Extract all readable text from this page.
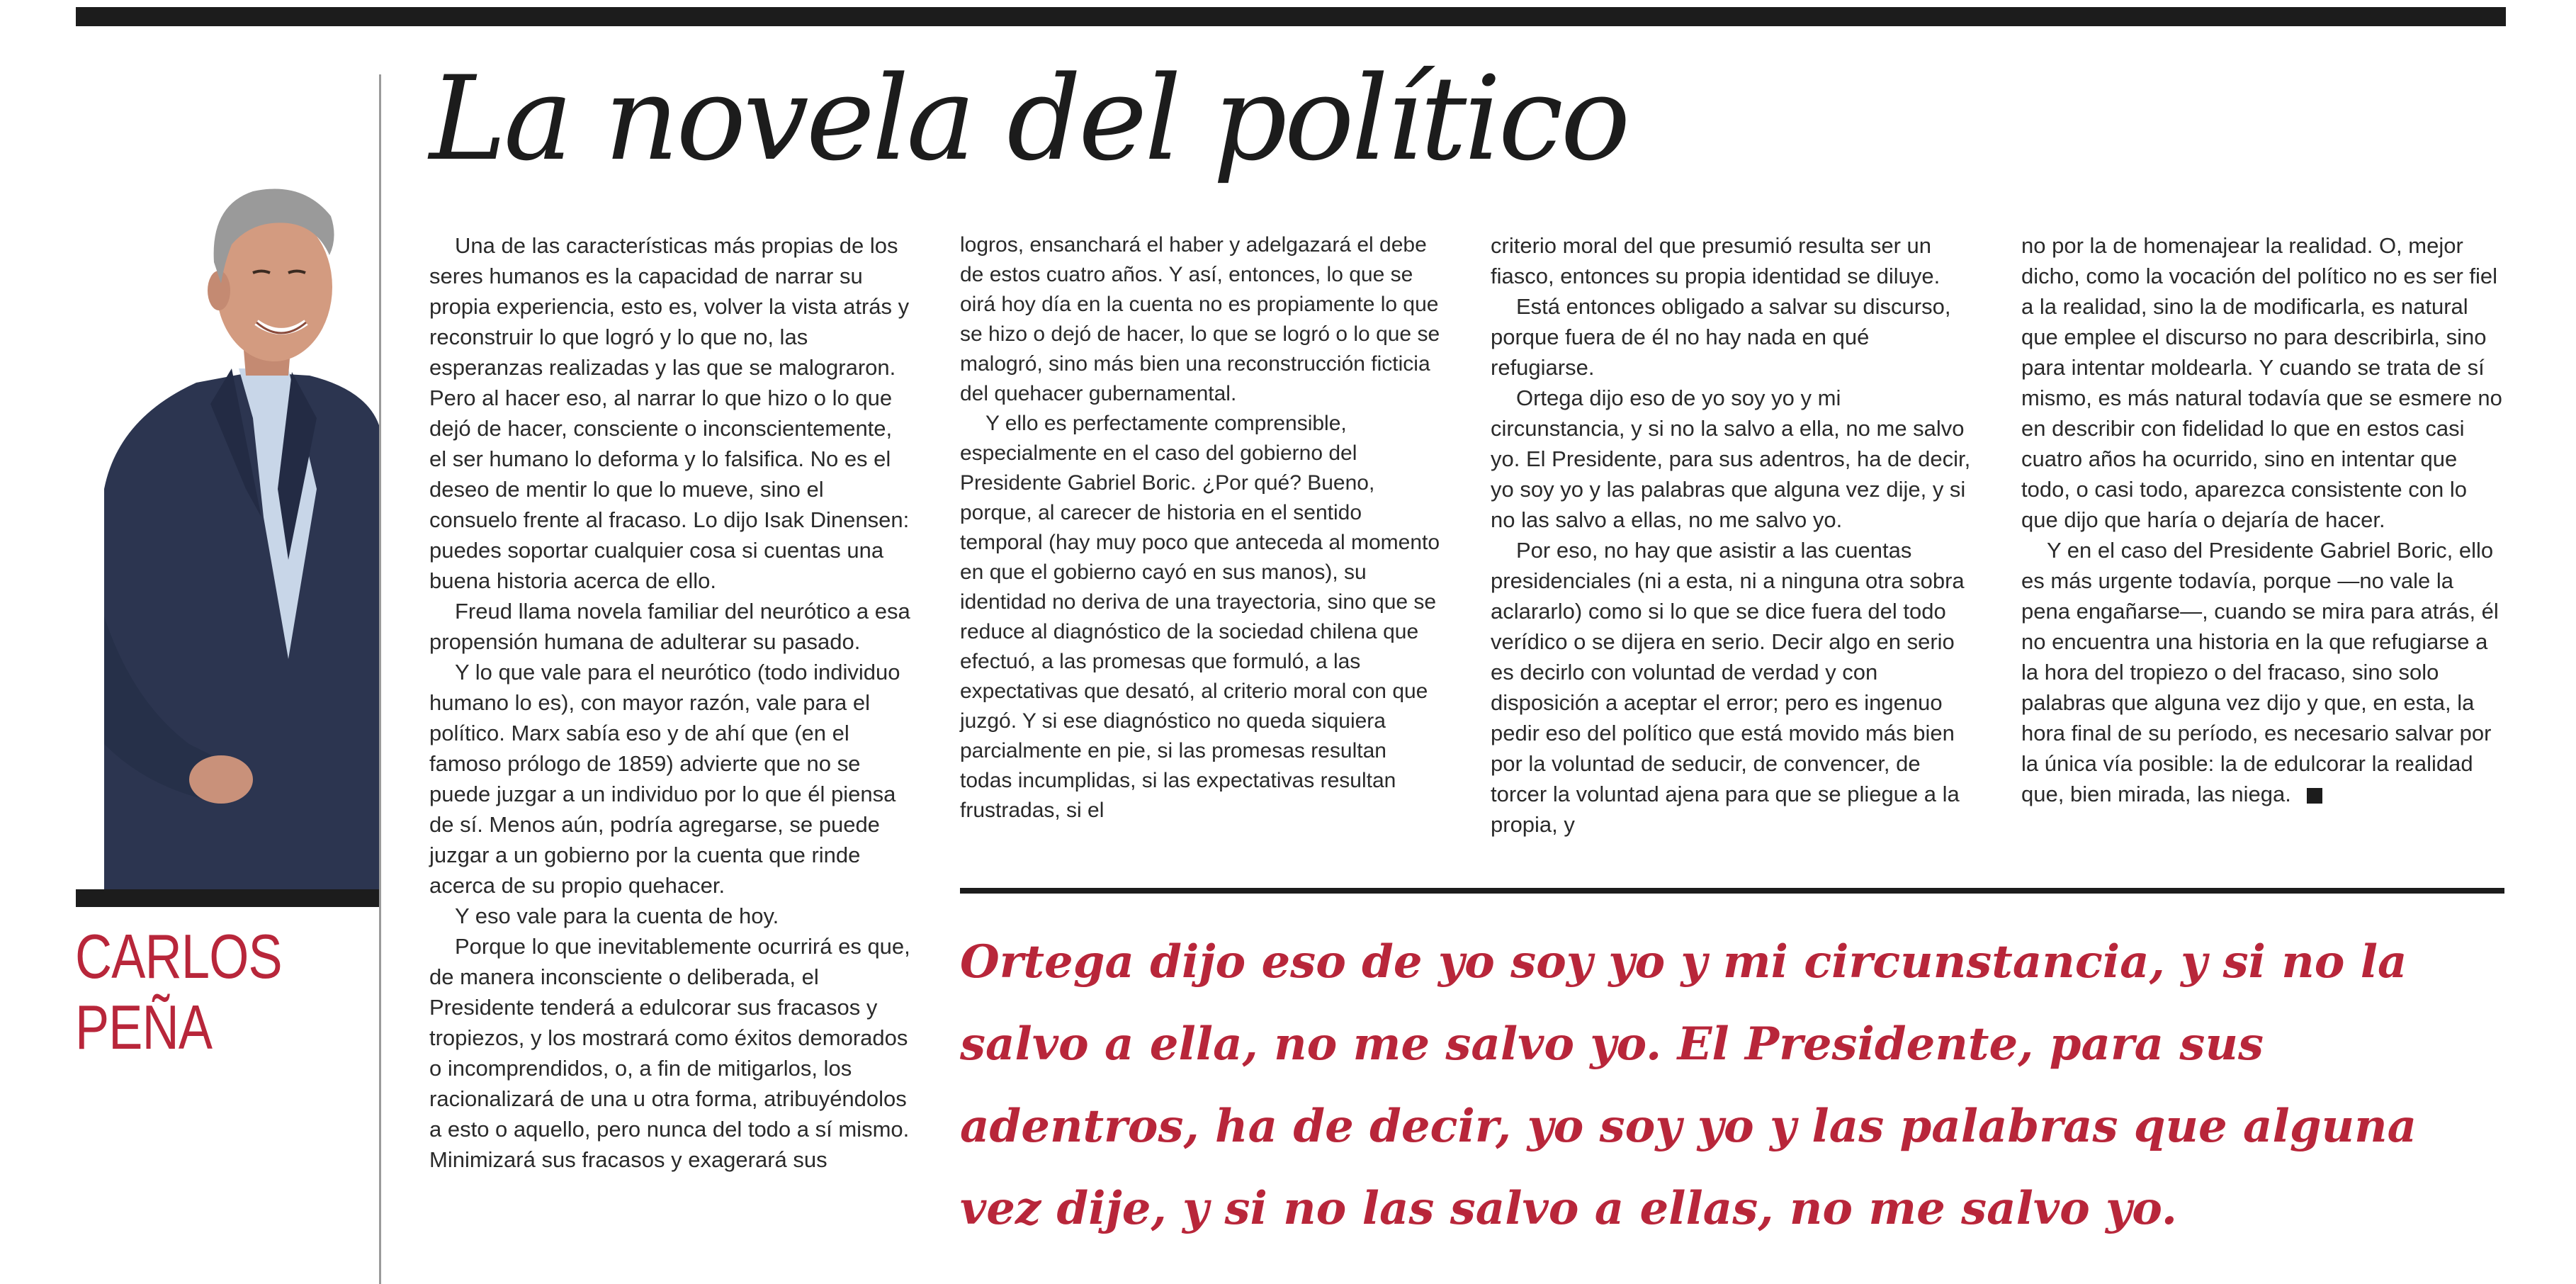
CARLOS
PEÑA
La novela del político

Una de las características más propias de los seres humanos es la capacidad de narrar su propia experiencia, esto es, volver la vista atrás y reconstruir lo que logró y lo que no, las esperanzas realizadas y las que se malograron. Pero al hacer eso, al narrar lo que hizo o lo que dejó de hacer, consciente o inconscientemente, el ser humano lo deforma y lo falsifica. No es el deseo de mentir lo que lo mueve, sino el consuelo frente al fracaso. Lo dijo Isak Dinensen: puedes soportar cualquier cosa si cuentas una buena historia acerca de ello.

Freud llama novela familiar del neurótico a esa propensión humana de adulterar su pasado.

Y lo que vale para el neurótico (todo individuo humano lo es), con mayor razón, vale para el político. Marx sabía eso y de ahí que (en el famoso prólogo de 1859) advierte que no se puede juzgar a un individuo por lo que él piensa de sí. Menos aún, podría agregarse, se puede juzgar a un gobierno por la cuenta que rinde acerca de su propio quehacer.

Y eso vale para la cuenta de hoy.

Porque lo que inevitablemente ocurrirá es que, de manera inconsciente o deliberada, el Presidente tenderá a edulcorar sus fracasos y tropiezos, y los mostrará como éxitos demorados o incomprendidos, o, a fin de mitigarlos, los racionalizará de una u otra forma, atribuyéndolos a esto o aquello, pero nunca del todo a sí mismo. Minimizará sus fracasos y exagerará sus

logros, ensanchará el haber y adelgazará el debe de estos cuatro años. Y así, entonces, lo que se oirá hoy día en la cuenta no es propiamente lo que se hizo o dejó de hacer, lo que se logró o lo que se malogró, sino más bien una reconstrucción ficticia del quehacer gubernamental.

Y ello es perfectamente comprensible, especialmente en el caso del gobierno del Presidente Gabriel Boric. ¿Por qué? Bueno, porque, al carecer de historia en el sentido temporal (hay muy poco que anteceda al momento en que el gobierno cayó en sus manos), su identidad no deriva de una trayectoria, sino que se reduce al diagnóstico de la sociedad chilena que efectuó, a las promesas que formuló, a las expectativas que desató, al criterio moral con que juzgó. Y si ese diagnóstico no queda siquiera parcialmente en pie, si las promesas resultan todas incumplidas, si las expectativas resultan frustradas, si el

criterio moral del que presumió resulta ser un fiasco, entonces su propia identidad se diluye.

Está entonces obligado a salvar su discurso, porque fuera de él no hay nada en qué refugiarse.

Ortega dijo eso de yo soy yo y mi circunstancia, y si no la salvo a ella, no me salvo yo. El Presidente, para sus adentros, ha de decir, yo soy yo y las palabras que alguna vez dije, y si no las salvo a ellas, no me salvo yo.

Por eso, no hay que asistir a las cuentas presidenciales (ni a esta, ni a ninguna otra sobra aclararlo) como si lo que se dice fuera del todo verídico o se dijera en serio. Decir algo en serio es decirlo con voluntad de verdad y con disposición a aceptar el error; pero es ingenuo pedir eso del político que está movido más bien por la voluntad de seducir, de convencer, de torcer la voluntad ajena para que se pliegue a la propia, y

no por la de homenajear la realidad. O, mejor dicho, como la vocación del político no es ser fiel a la realidad, sino la de modificarla, es natural que emplee el discurso no para describirla, sino para intentar moldearla. Y cuando se trata de sí mismo, es más natural todavía que se esmere no en describir con fidelidad lo que en estos casi cuatro años ha ocurrido, sino en intentar que todo, o casi todo, aparezca consistente con lo que dijo que haría o dejaría de hacer.

Y en el caso del Presidente Gabriel Boric, ello es más urgente todavía, porque —no vale la pena engañarse—, cuando se mira para atrás, él no encuentra una historia en la que refugiarse a la hora del tropiezo o del fracaso, sino solo palabras que alguna vez dijo y que, en esta, la hora final de su período, es necesario salvar por la única vía posible: la de edulcorar la realidad que, bien mirada, las niega.

Ortega dijo eso de yo soy yo y mi circunstancia, y si no la salvo a ella, no me salvo yo. El Presidente, para sus adentros, ha de decir, yo soy yo y las palabras que alguna vez dije, y si no las salvo a ellas, no me salvo yo.
